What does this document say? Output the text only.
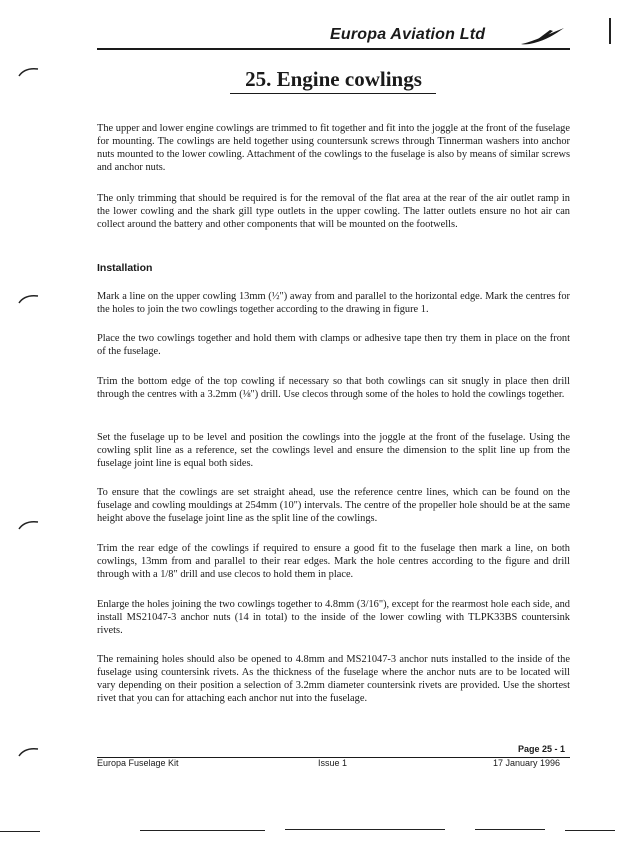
Europa Aviation Ltd
25. Engine cowlings

The upper and lower engine cowlings are trimmed to fit together and fit into the joggle at the front of the fuselage for mounting. The cowlings are held together using countersunk screws through Tinnerman washers into anchor nuts mounted to the lower cowling. Attachment of the cowlings to the fuselage is also by means of similar screws and anchor nuts.

The only trimming that should be required is for the removal of the flat area at the rear of the air outlet ramp in the lower cowling and the shark gill type outlets in the upper cowling. The latter outlets ensure no hot air can collect around the battery and other components that will be mounted on the footwells.

Installation

Mark a line on the upper cowling 13mm (½") away from and parallel to the horizontal edge. Mark the centres for the holes to join the two cowlings together according to the drawing in figure 1.

Place the two cowlings together and hold them with clamps or adhesive tape then try them in place on the front of the fuselage.

Trim the bottom edge of the top cowling if necessary so that both cowlings can sit snugly in place then drill through the centres with a 3.2mm (⅛") drill. Use clecos through some of the holes to hold the cowlings together.

Set the fuselage up to be level and position the cowlings into the joggle at the front of the fuselage. Using the cowling split line as a reference, set the cowlings level and ensure the dimension to the split line up from the fuselage joint line is equal both sides.

To ensure that the cowlings are set straight ahead, use the reference centre lines, which can be found on the fuselage and cowling mouldings at 254mm (10") intervals. The centre of the propeller hole should be at the same height above the fuselage joint line as the split line of the cowlings.

Trim the rear edge of the cowlings if required to ensure a good fit to the fuselage then mark a line, on both cowlings, 13mm from and parallel to their rear edges. Mark the hole centres according to the figure and drill through with a 1/8" drill and use clecos to hold them in place.

Enlarge the holes joining the two cowlings together to 4.8mm (3/16"), except for the rearmost hole each side, and install MS21047-3 anchor nuts (14 in total) to the inside of the lower cowling with TLPK33BS countersink rivets.

The remaining holes should also be opened to 4.8mm and MS21047-3 anchor nuts installed to the inside of the fuselage using countersink rivets. As the thickness of the fuselage where the anchor nuts are to be located will vary depending on their position a selection of 3.2mm diameter countersink rivets are provided. Use the shortest rivet that you can for attaching each anchor nut into the fuselage.

Page 25 - 1
Europa Fuselage Kit	Issue 1	17 January 1996
